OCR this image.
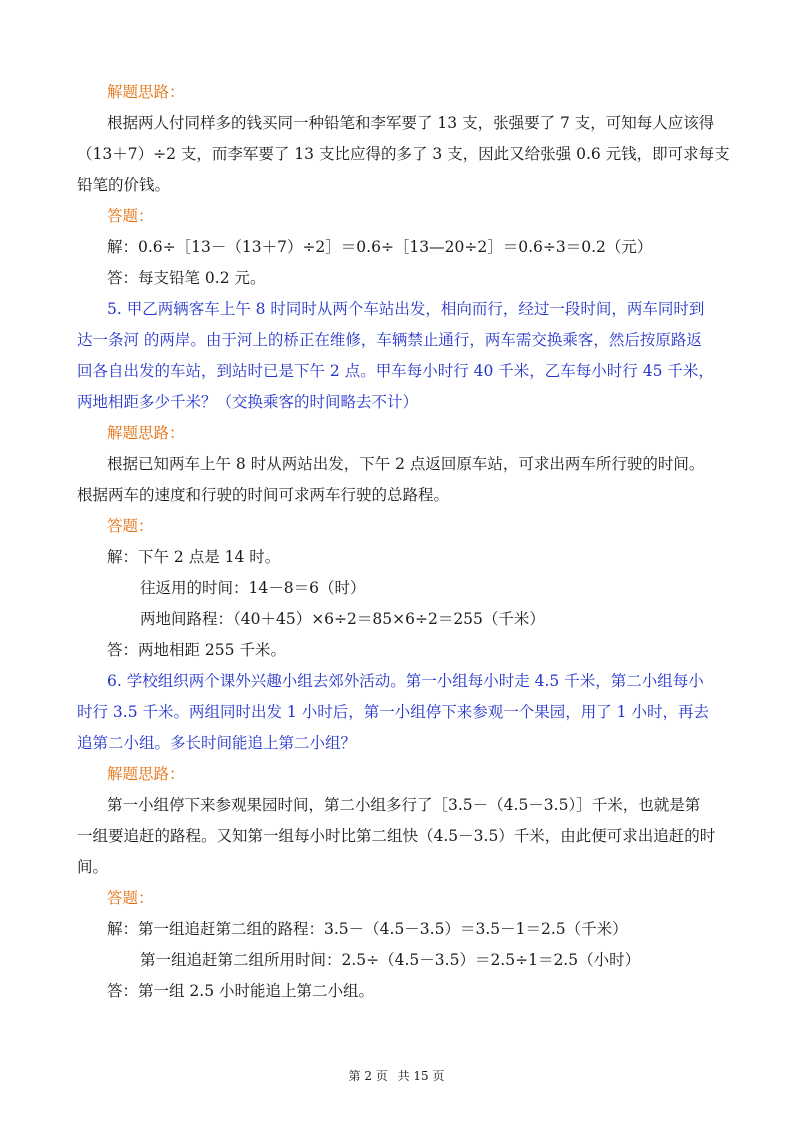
解题思路：
根据两人付同样多的钱买同一种铅笔和李军要了 13 支，张强要了 7 支，可知每人应该得
（13＋7）÷2 支，而李军要了 13 支比应得的多了 3 支，因此又给张强 0.6 元钱，即可求每支
铅笔的价钱。
答题：
解：0.6÷［13－（13＋7）÷2］＝0.6÷［13—20÷2］＝0.6÷3＝0.2（元）
答：每支铅笔 0.2 元。
5. 甲乙两辆客车上午 8 时同时从两个车站出发，相向而行，经过一段时间，两车同时到
达一条河 的两岸。由于河上的桥正在维修，车辆禁止通行，两车需交换乘客，然后按原路返
回各自出发的车站，到站时已是下午 2 点。甲车每小时行 40 千米，乙车每小时行 45 千米，
两地相距多少千米？（交换乘客的时间略去不计）
解题思路：
根据已知两车上午 8 时从两站出发，下午 2 点返回原车站，可求出两车所行驶的时间。
根据两车的速度和行驶的时间可求两车行驶的总路程。
答题：
解：下午 2 点是 14 时。
往返用的时间：14－8＝6（时）
两地间路程：（40＋45）×6÷2＝85×6÷2＝255（千米）
答：两地相距 255 千米。
6. 学校组织两个课外兴趣小组去郊外活动。第一小组每小时走 4.5 千米，第二小组每小
时行 3.5 千米。两组同时出发 1 小时后，第一小组停下来参观一个果园，用了 1 小时，再去
追第二小组。多长时间能追上第二小组？
解题思路：
第一小组停下来参观果园时间，第二小组多行了［3.5－（4.5－3.5）］千米，也就是第
一组要追赶的路程。又知第一组每小时比第二组快（4.5－3.5）千米，由此便可求出追赶的时
间。
答题：
解：第一组追赶第二组的路程：3.5－（4.5－3.5）＝3.5－1＝2.5（千米）
第一组追赶第二组所用时间：2.5÷（4.5－3.5）＝2.5÷1＝2.5（小时）
答：第一组 2.5 小时能追上第二小组。
第 2 页 共 15 页
